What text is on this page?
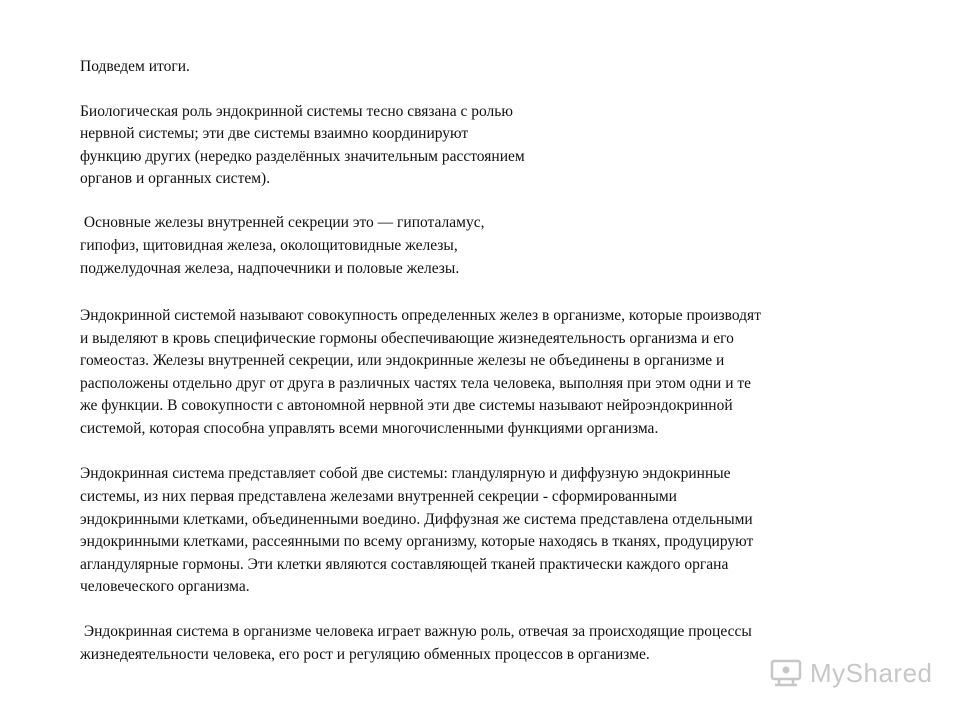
Подведем итоги.
Биологическая роль эндокринной системы тесно связана с ролью
нервной системы; эти две системы взаимно координируют
функцию других (нередко разделённых значительным расстоянием
органов и органных систем).
Основные железы внутренней секреции это — гипоталамус,
гипофиз, щитовидная железа, околощитовидные железы,
поджелудочная железа, надпочечники и половые железы.
Эндокринной системой называют совокупность определенных желез в организме, которые производят
и выделяют в кровь специфические гормоны обеспечивающие жизнедеятельность организма и его
гомеостаз. Железы внутренней секреции, или эндокринные железы не объединены в организме и
расположены отдельно друг от друга в различных частях тела человека, выполняя при этом одни и те
же функции. В совокупности с автономной нервной эти две системы называют нейроэндокринной
системой, которая способна управлять всеми многочисленными функциями организма.
Эндокринная система представляет собой две системы: гландулярную и диффузную эндокринные
системы, из них первая представлена железами внутренней секреции - сформированными
эндокринными клетками, объединенными воедино. Диффузная же система представлена отдельными
эндокринными клетками, рассеянными по всему организму, которые находясь в тканях, продуцируют
агландулярные гормоны. Эти клетки являются составляющей тканей практически каждого органа
человеческого организма.
Эндокринная система в организме человека играет важную роль, отвечая за происходящие процессы
жизнедеятельности человека, его рост и регуляцию обменных процессов в организме.
MyShared
